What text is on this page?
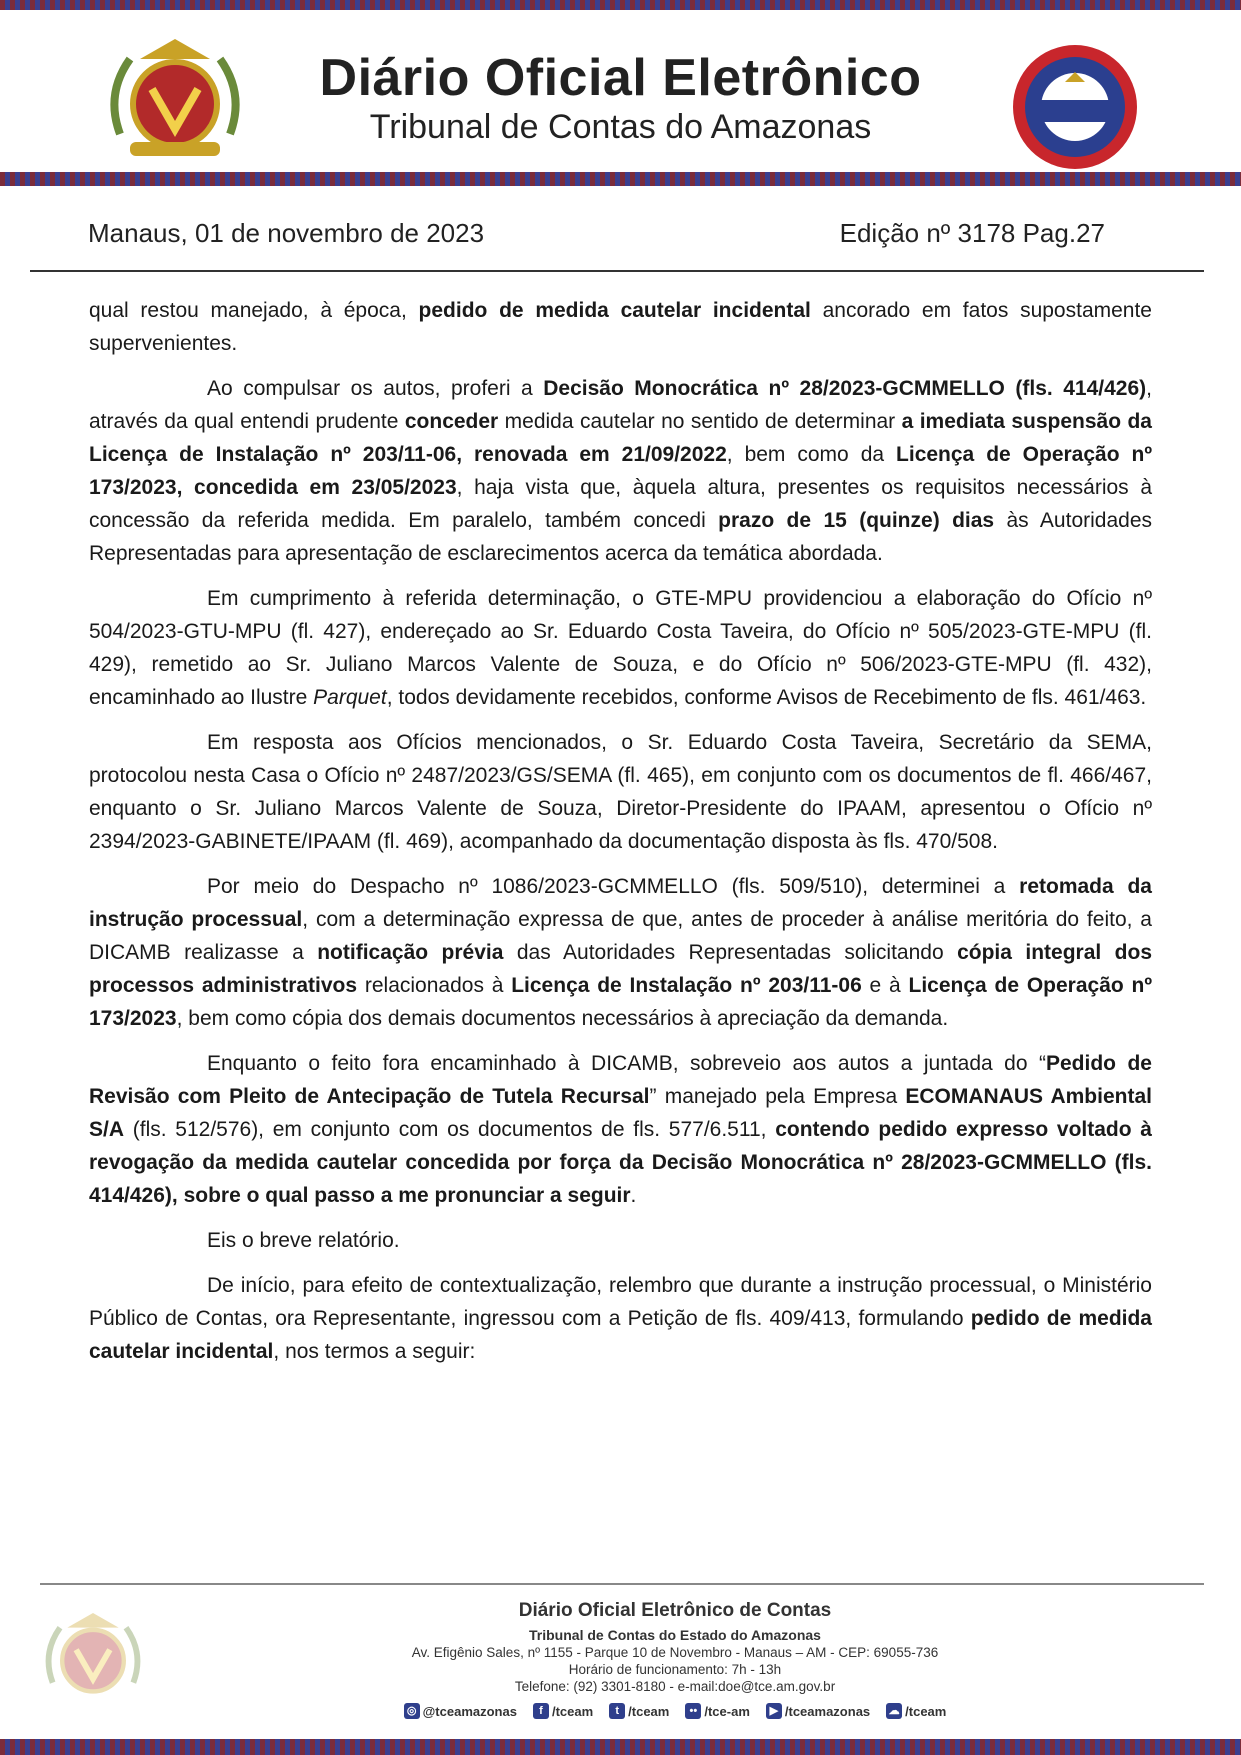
Diário Oficial Eletrônico
Tribunal de Contas do Amazonas
Manaus, 01 de novembro de 2023	Edição nº 3178 Pag.27

qual restou manejado, à época, pedido de medida cautelar incidental ancorado em fatos supostamente supervenientes.

Ao compulsar os autos, proferi a Decisão Monocrática nº 28/2023-GCMMELLO (fls. 414/426), através da qual entendi prudente conceder medida cautelar no sentido de determinar a imediata suspensão da Licença de Instalação nº 203/11-06, renovada em 21/09/2022, bem como da Licença de Operação nº 173/2023, concedida em 23/05/2023, haja vista que, àquela altura, presentes os requisitos necessários à concessão da referida medida. Em paralelo, também concedi prazo de 15 (quinze) dias às Autoridades Representadas para apresentação de esclarecimentos acerca da temática abordada.

Em cumprimento à referida determinação, o GTE-MPU providenciou a elaboração do Ofício nº 504/2023-GTU-MPU (fl. 427), endereçado ao Sr. Eduardo Costa Taveira, do Ofício nº 505/2023-GTE-MPU (fl. 429), remetido ao Sr. Juliano Marcos Valente de Souza, e do Ofício nº 506/2023-GTE-MPU (fl. 432), encaminhado ao Ilustre Parquet, todos devidamente recebidos, conforme Avisos de Recebimento de fls. 461/463.

Em resposta aos Ofícios mencionados, o Sr. Eduardo Costa Taveira, Secretário da SEMA, protocolou nesta Casa o Ofício nº 2487/2023/GS/SEMA (fl. 465), em conjunto com os documentos de fl. 466/467, enquanto o Sr. Juliano Marcos Valente de Souza, Diretor-Presidente do IPAAM, apresentou o Ofício nº 2394/2023-GABINETE/IPAAM (fl. 469), acompanhado da documentação disposta às fls. 470/508.

Por meio do Despacho nº 1086/2023-GCMMELLO (fls. 509/510), determinei a retomada da instrução processual, com a determinação expressa de que, antes de proceder à análise meritória do feito, a DICAMB realizasse a notificação prévia das Autoridades Representadas solicitando cópia integral dos processos administrativos relacionados à Licença de Instalação nº 203/11-06 e à Licença de Operação nº 173/2023, bem como cópia dos demais documentos necessários à apreciação da demanda.

Enquanto o feito fora encaminhado à DICAMB, sobreveio aos autos a juntada do “Pedido de Revisão com Pleito de Antecipação de Tutela Recursal” manejado pela Empresa ECOMANAUS Ambiental S/A (fls. 512/576), em conjunto com os documentos de fls. 577/6.511, contendo pedido expresso voltado à revogação da medida cautelar concedida por força da Decisão Monocrática nº 28/2023-GCMMELLO (fls. 414/426), sobre o qual passo a me pronunciar a seguir.

Eis o breve relatório.

De início, para efeito de contextualização, relembro que durante a instrução processual, o Ministério Público de Contas, ora Representante, ingressou com a Petição de fls. 409/413, formulando pedido de medida cautelar incidental, nos termos a seguir:

Diário Oficial Eletrônico de Contas
Tribunal de Contas do Estado do Amazonas
Av. Efigênio Sales, nº 1155 - Parque 10 de Novembro - Manaus – AM - CEP: 69055-736
Horário de funcionamento: 7h - 13h
Telefone: (92) 3301-8180 - e-mail:doe@tce.am.gov.br
◎ @tceamazonas	f /tceam	t /tceam	•• /tce-am	▶ /tceamazonas ☁ /tceam
